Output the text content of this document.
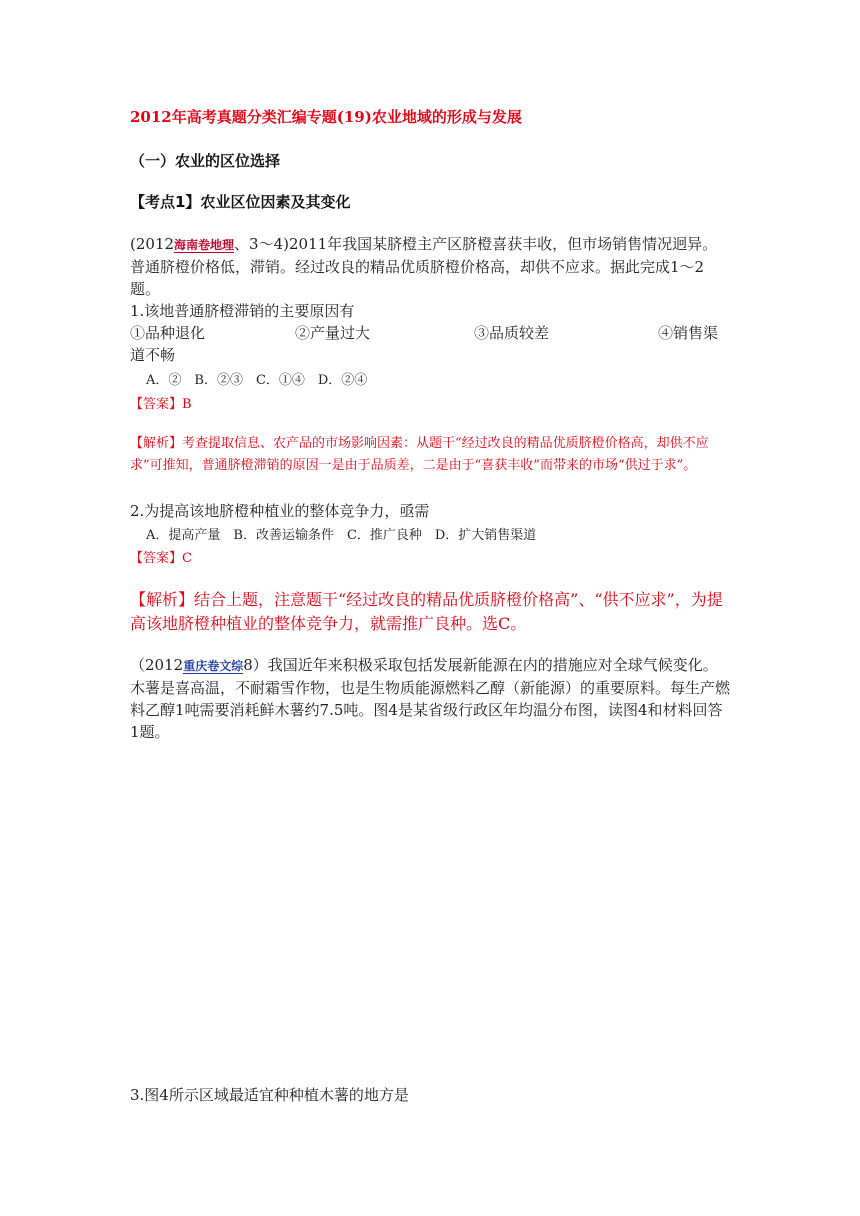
2012年高考真题分类汇编专题(19)农业地域的形成与发展
（一）农业的区位选择
【考点1】农业区位因素及其变化
(2012海南卷地理、3～4)2011年我国某脐橙主产区脐橙喜获丰收，但市场销售情况迥异。普通脐橙价格低，滞销。经过改良的精品优质脐橙价格高，却供不应求。据此完成1～2题。
1.该地普通脐橙滞销的主要原因有
①品种退化	②产量过大	③品质较差	④销售渠
道不畅
A．②　B．②③　C．①④　D．②④
【答案】B
【解析】考查提取信息、农产品的市场影响因素：从题干“经过改良的精品优质脐橙价格高，却供不应求”可推知，普通脐橙滞销的原因一是由于品质差，二是由于“喜获丰收”而带来的市场“供过于求”。
2.为提高该地脐橙种植业的整体竞争力，亟需
A．提高产量　B．改善运输条件　C．推广良种　D．扩大销售渠道
【答案】C
【解析】结合上题，注意题干“经过改良的精品优质脐橙价格高”、“供不应求”，为提高该地脐橙种植业的整体竞争力，就需推广良种。选C。
（2012重庆卷文综8）我国近年来积极采取包括发展新能源在内的措施应对全球气候变化。木薯是喜高温，不耐霜雪作物，也是生物质能源燃料乙醇（新能源）的重要原料。每生产燃料乙醇1吨需要消耗鲜木薯约7.5吨。图4是某省级行政区年均温分布图，读图4和材料回答1题。
3.图4所示区域最适宜种种植木薯的地方是
